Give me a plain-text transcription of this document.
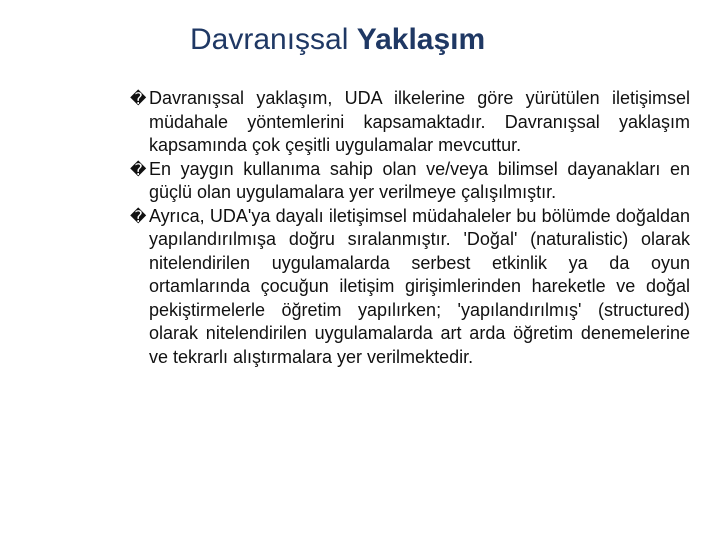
Davranışsal Yaklaşım
� Davranışsal yaklaşım, UDA ilkelerine göre yürütülen iletişimsel müdahale yöntemlerini kapsamaktadır. Davranışsal yaklaşım kapsamında çok çeşitli uygulamalar mevcuttur.
� En yaygın kullanıma sahip olan ve/veya bilimsel dayanakları en güçlü olan uygulamalara yer verilmeye çalışılmıştır.
� Ayrıca, UDA'ya dayalı iletişimsel müdahaleler bu bölümde doğaldan yapılandırılmışa doğru sıralanmıştır. 'Doğal' (naturalistic) olarak nitelendirilen uygulamalarda serbest etkinlik ya da oyun ortamlarında çocuğun iletişim girişimlerinden hareketle ve doğal pekiştirmelerle öğretim yapılırken; 'yapılandırılmış' (structured) olarak nitelendirilen uygulamalarda art arda öğretim denemelerine ve tekrarlı alıştırmalara yer verilmektedir.
